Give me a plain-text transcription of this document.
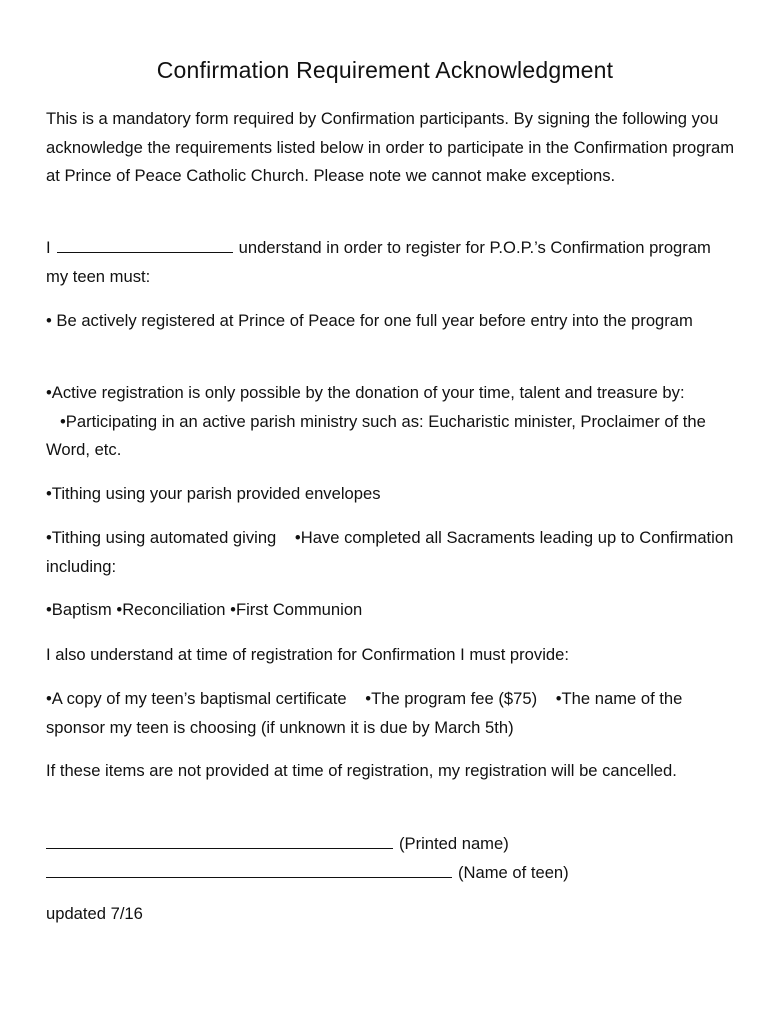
Confirmation Requirement Acknowledgment
This is a mandatory form required by Confirmation participants. By signing the following you acknowledge the requirements listed below in order to participate in the Confirmation program at Prince of Peace Catholic Church. Please note we cannot make exceptions.
I	understand in order to register for P.O.P.’s Confirmation program my teen must:
• Be actively registered at Prince of Peace for one full year before entry into the program
•Active registration is only possible by the donation of your time, talent and treasure by: •Participating in an active parish ministry such as: Eucharistic minister, Proclaimer of the Word, etc.
•Tithing using your parish provided envelopes
•Tithing using automated giving •Have completed all Sacraments leading up to Confirmation including:
•Baptism •Reconciliation •First Communion
I also understand at time of registration for Confirmation I must provide:
•A copy of my teen’s baptismal certificate •The program fee ($75) •The name of the sponsor my teen is choosing (if unknown it is due by March 5th)
If these items are not provided at time of registration, my registration will be cancelled.
(Printed name)
(Name of teen)
updated 7/16
